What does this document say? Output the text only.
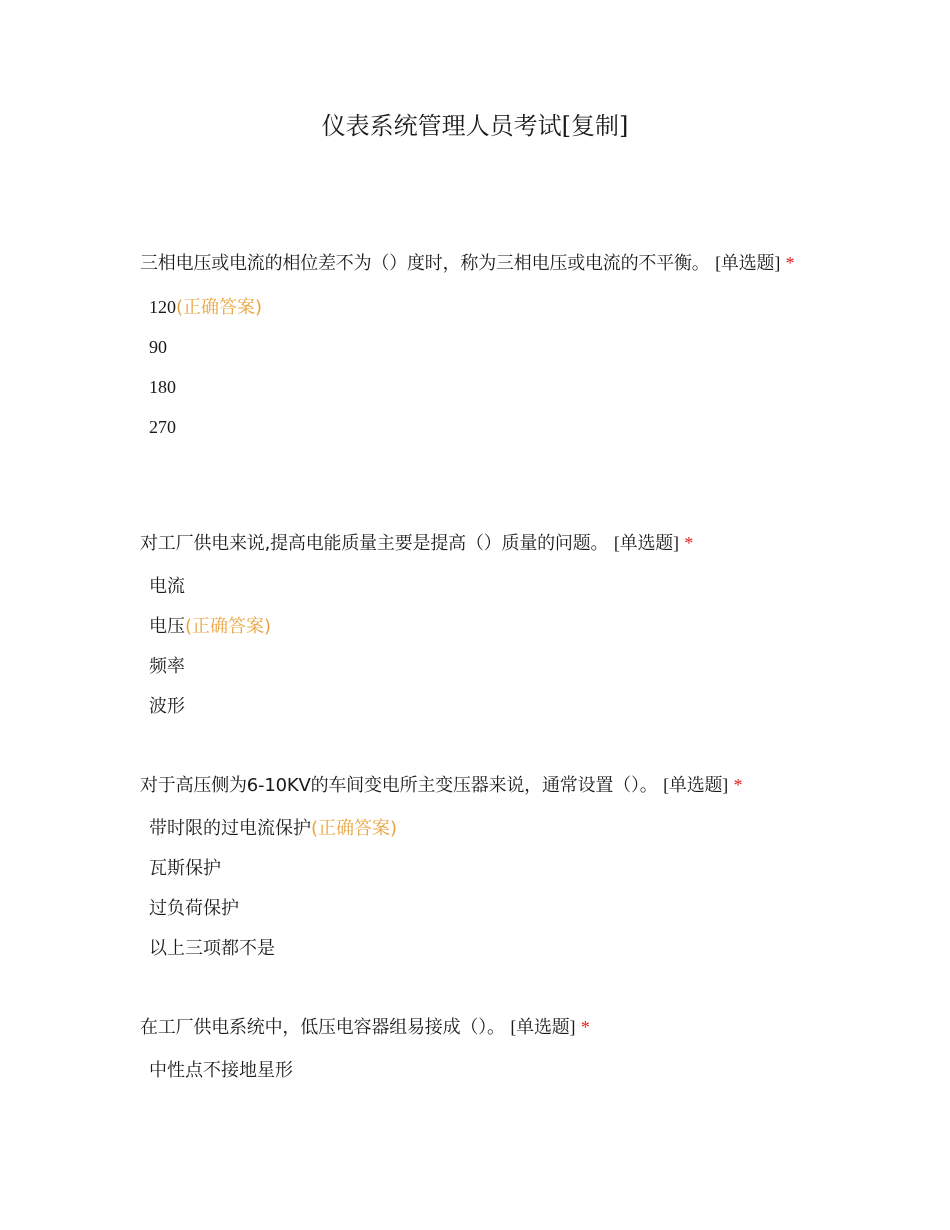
仪表系统管理人员考试[复制]

三相电压或电流的相位差不为（）度时，称为三相电压或电流的不平衡。 [单选题] *

120(正确答案)
90
180
270

对工厂供电来说,提高电能质量主要是提高（）质量的问题。 [单选题] *

电流
电压(正确答案)
频率
波形

对于高压侧为6-10KV的车间变电所主变压器来说，通常设置（）。 [单选题] *

带时限的过电流保护(正确答案)
瓦斯保护
过负荷保护
以上三项都不是

在工厂供电系统中，低压电容器组易接成（）。 [单选题] *

中性点不接地星形
